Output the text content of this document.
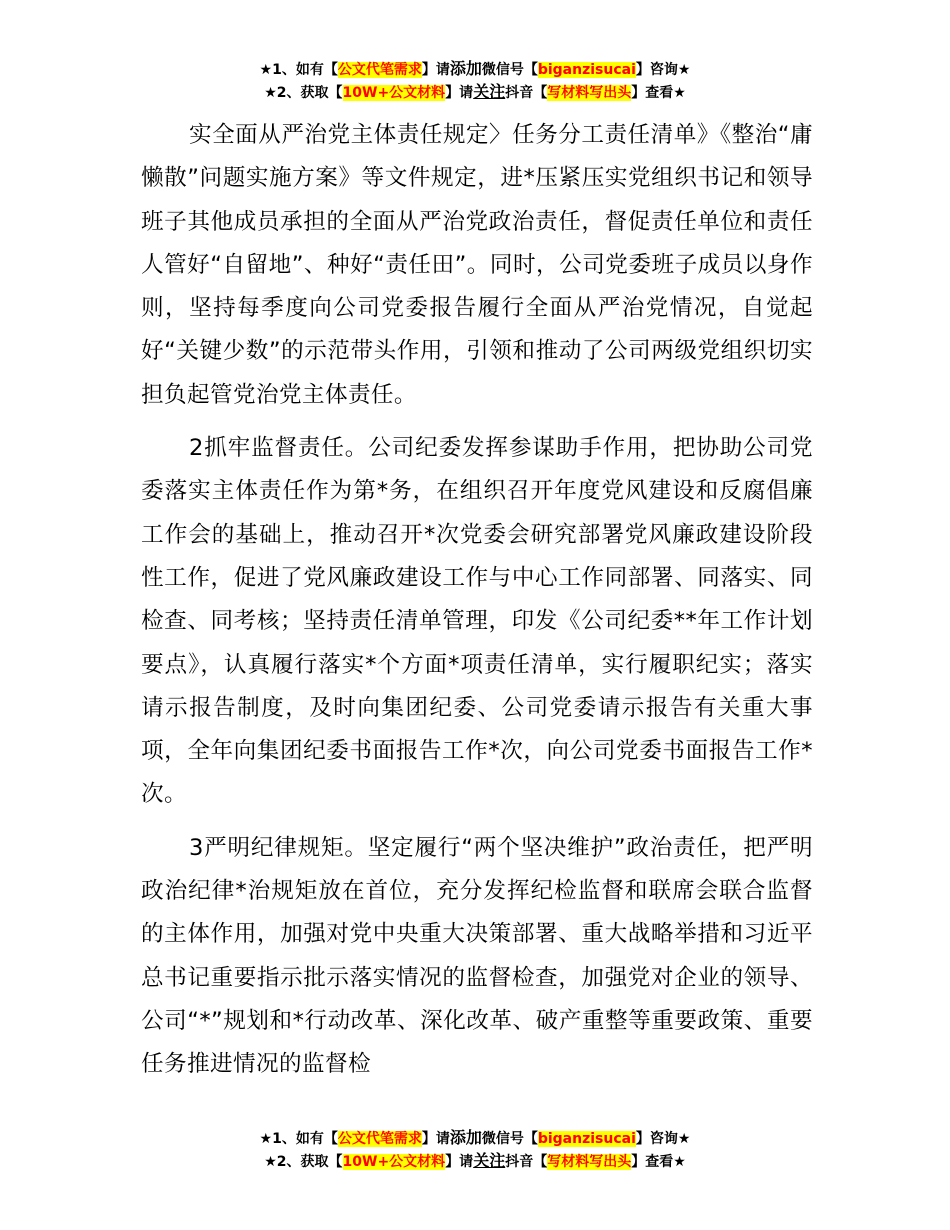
★1、如有【公文代笔需求】请添加微信号【biganzisucai】咨询★
★2、获取【10W+公文材料】请关注抖音【写材料写出头】查看★

实全面从严治党主体责任规定〉任务分工责任清单》《整治“庸懒散”问题实施方案》等文件规定，进*压紧压实党组织书记和领导班子其他成员承担的全面从严治党政治责任，督促责任单位和责任人管好“自留地”、种好“责任田”。同时，公司党委班子成员以身作则，坚持每季度向公司党委报告履行全面从严治党情况，自觉起好“关键少数”的示范带头作用，引领和推动了公司两级党组织切实担负起管党治党主体责任。

2抓牢监督责任。公司纪委发挥参谋助手作用，把协助公司党委落实主体责任作为第*务，在组织召开年度党风建设和反腐倡廉工作会的基础上，推动召开*次党委会研究部署党风廉政建设阶段性工作，促进了党风廉政建设工作与中心工作同部署、同落实、同检查、同考核；坚持责任清单管理，印发《公司纪委**年工作计划要点》，认真履行落实*个方面*项责任清单，实行履职纪实；落实请示报告制度，及时向集团纪委、公司党委请示报告有关重大事项，全年向集团纪委书面报告工作*次，向公司党委书面报告工作*次。

3严明纪律规矩。坚定履行“两个坚决维护”政治责任，把严明政治纪律*治规矩放在首位，充分发挥纪检监督和联席会联合监督的主体作用，加强对党中央重大决策部署、重大战略举措和习近平总书记重要指示批示落实情况的监督检查，加强党对企业的领导、公司“*”规划和*行动改革、深化改革、破产重整等重要政策、重要任务推进情况的监督检

★1、如有【公文代笔需求】请添加微信号【biganzisucai】咨询★
★2、获取【10W+公文材料】请关注抖音【写材料写出头】查看★
